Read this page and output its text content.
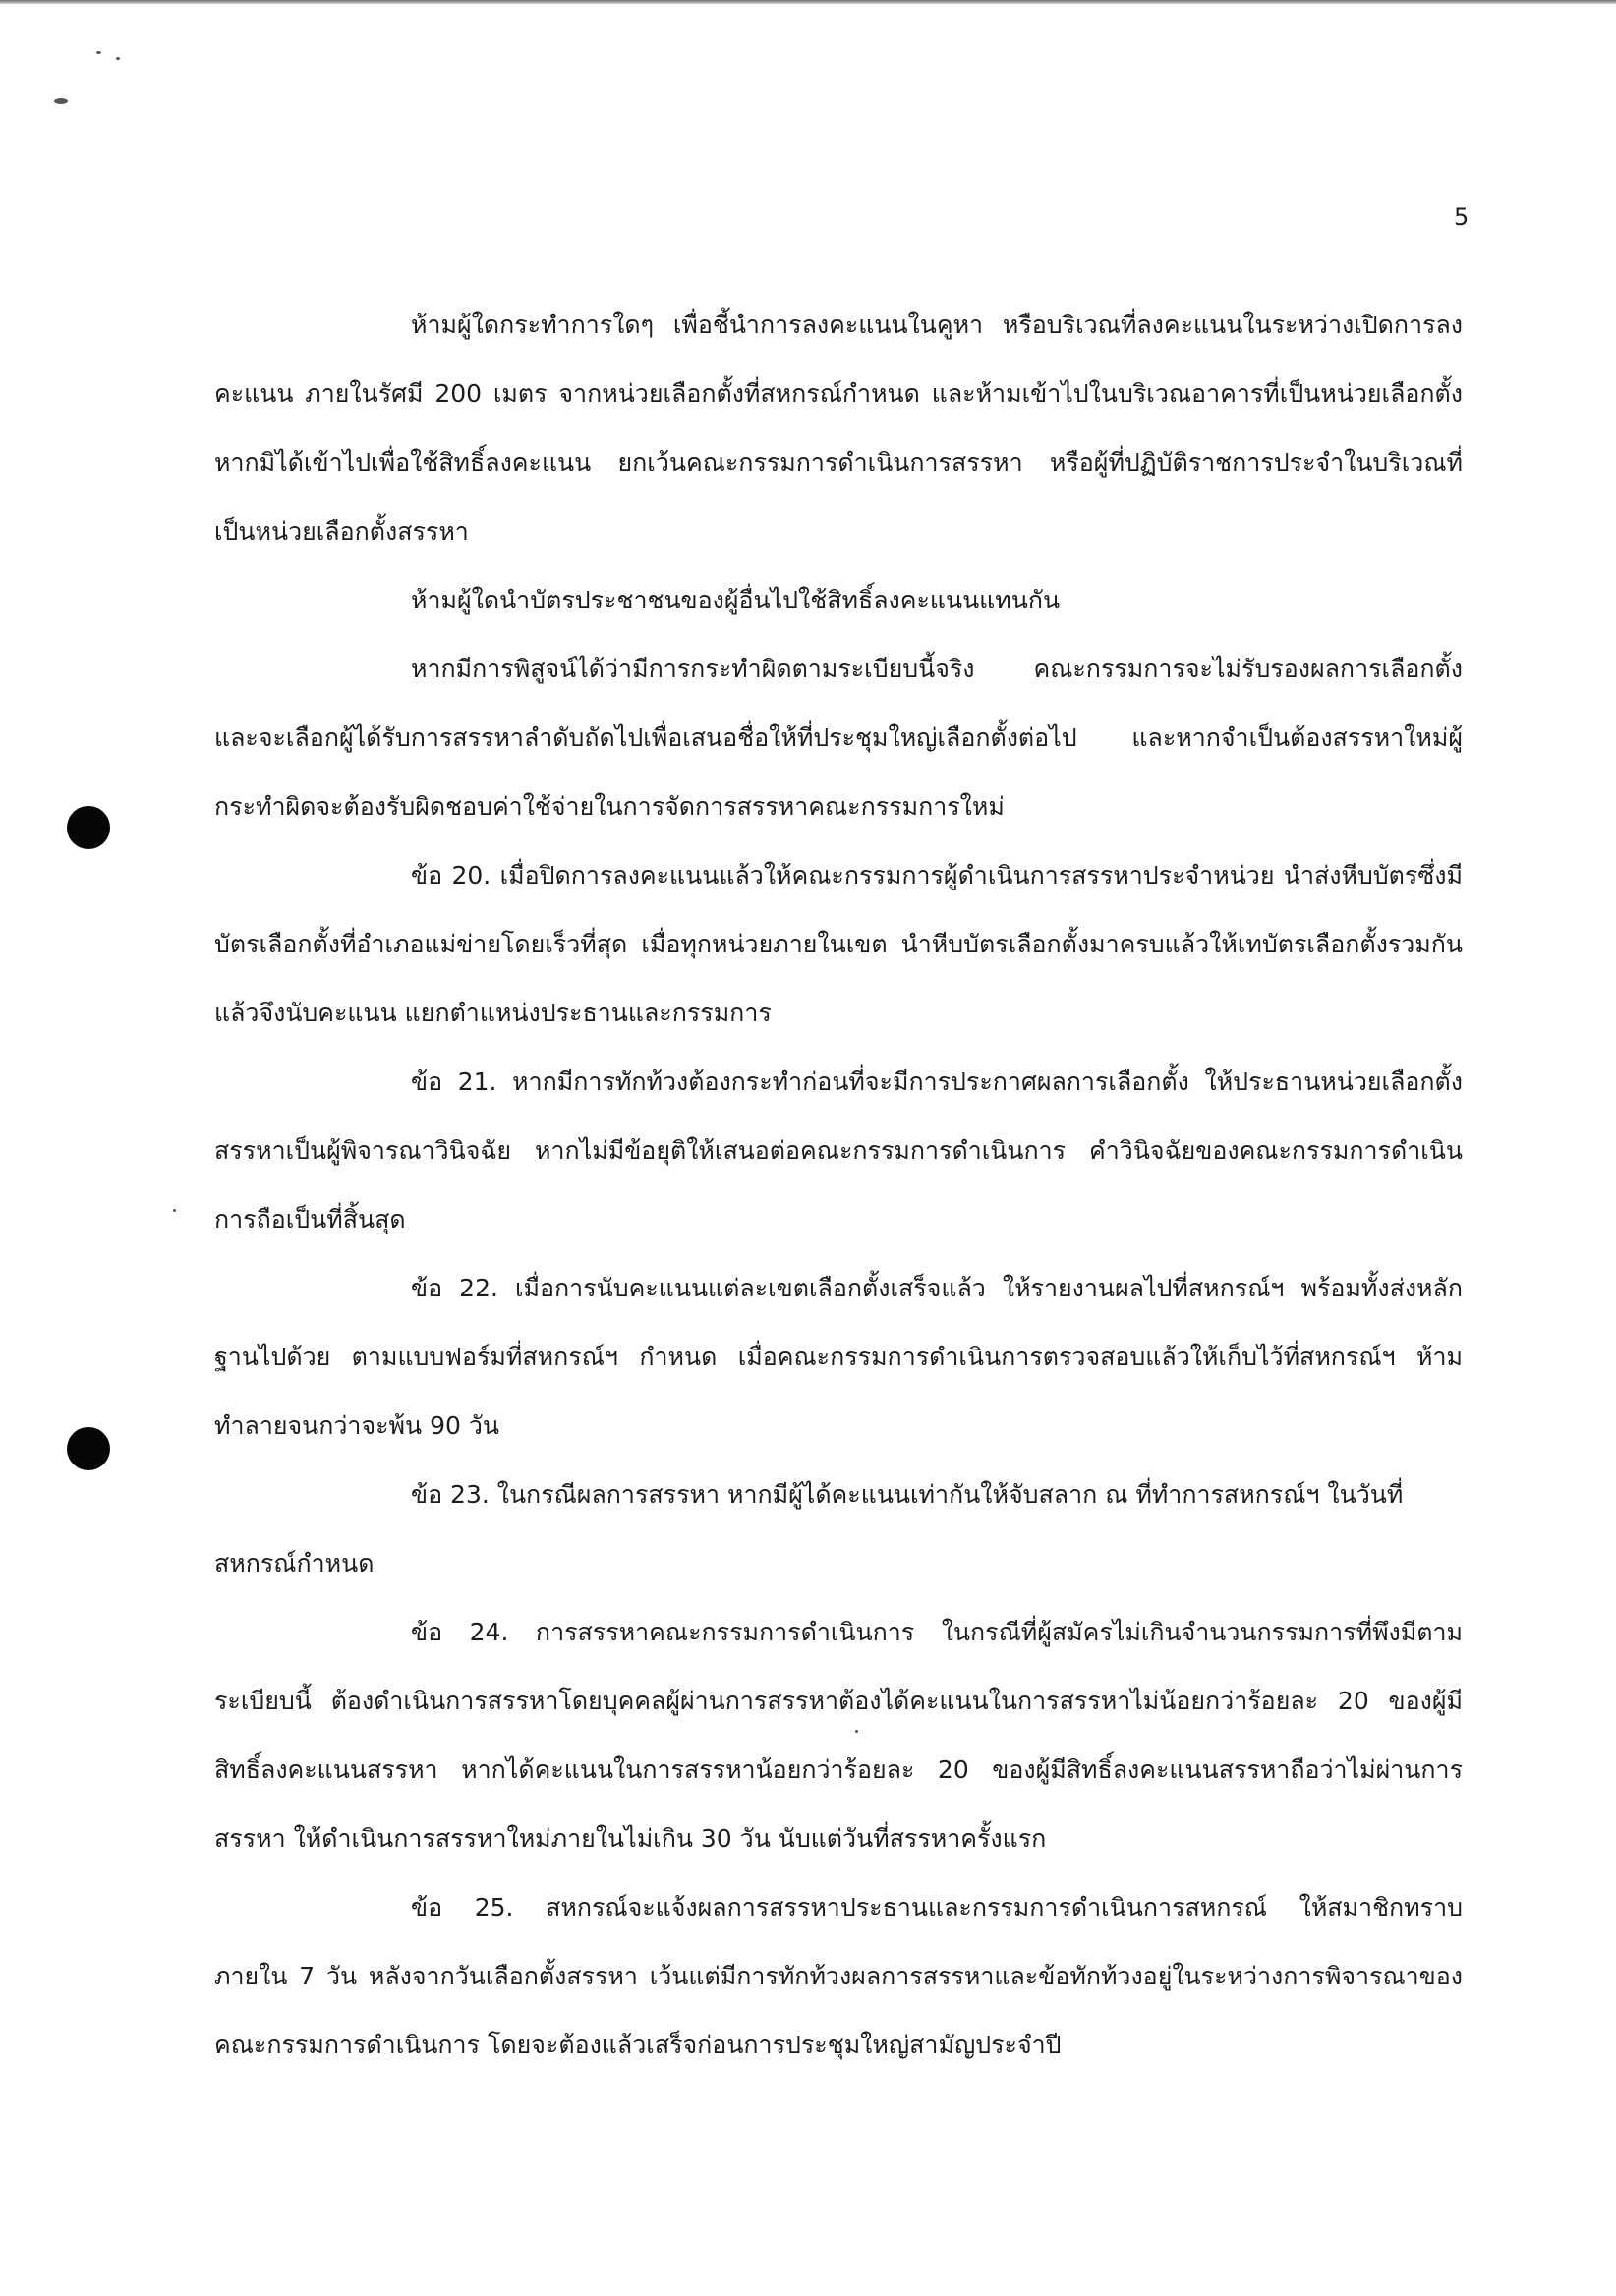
5

ห้ามผู้ใดกระทำการใดๆ เพื่อชี้นำการลงคะแนนในคูหา หรือบริเวณที่ลงคะแนนในระหว่างเปิดการลงคะแนน ภายในรัศมี 200 เมตร จากหน่วยเลือกตั้งที่สหกรณ์กำหนด และห้ามเข้าไปในบริเวณอาคารที่เป็นหน่วยเลือกตั้งหากมิได้เข้าไปเพื่อใช้สิทธิ์ลงคะแนน ยกเว้นคณะกรรมการดำเนินการสรรหา หรือผู้ที่ปฏิบัติราชการประจำในบริเวณที่เป็นหน่วยเลือกตั้งสรรหา

ห้ามผู้ใดนำบัตรประชาชนของผู้อื่นไปใช้สิทธิ์ลงคะแนนแทนกัน

หากมีการพิสูจน์ได้ว่ามีการกระทำผิดตามระเบียบนี้จริง คณะกรรมการจะไม่รับรองผลการเลือกตั้ง และจะเลือกผู้ได้รับการสรรหาลำดับถัดไปเพื่อเสนอชื่อให้ที่ประชุมใหญ่เลือกตั้งต่อไป และหากจำเป็นต้องสรรหาใหม่ผู้กระทำผิดจะต้องรับผิดชอบค่าใช้จ่ายในการจัดการสรรหาคณะกรรมการใหม่

ข้อ 20. เมื่อปิดการลงคะแนนแล้วให้คณะกรรมการผู้ดำเนินการสรรหาประจำหน่วย นำส่งหีบบัตรซึ่งมีบัตรเลือกตั้งที่อำเภอแม่ข่ายโดยเร็วที่สุด เมื่อทุกหน่วยภายในเขต นำหีบบัตรเลือกตั้งมาครบแล้วให้เทบัตรเลือกตั้งรวมกันแล้วจึงนับคะแนน แยกตำแหน่งประธานและกรรมการ

ข้อ 21. หากมีการทักท้วงต้องกระทำก่อนที่จะมีการประกาศผลการเลือกตั้ง ให้ประธานหน่วยเลือกตั้งสรรหาเป็นผู้พิจารณาวินิจฉัย หากไม่มีข้อยุติให้เสนอต่อคณะกรรมการดำเนินการ คำวินิจฉัยของคณะกรรมการดำเนินการถือเป็นที่สิ้นสุด

ข้อ 22. เมื่อการนับคะแนนแต่ละเขตเลือกตั้งเสร็จแล้ว ให้รายงานผลไปที่สหกรณ์ฯ พร้อมทั้งส่งหลักฐานไปด้วย ตามแบบฟอร์มที่สหกรณ์ฯ กำหนด เมื่อคณะกรรมการดำเนินการตรวจสอบแล้วให้เก็บไว้ที่สหกรณ์ฯ ห้ามทำลายจนกว่าจะพ้น 90 วัน

ข้อ 23. ในกรณีผลการสรรหา หากมีผู้ได้คะแนนเท่ากันให้จับสลาก ณ ที่ทำการสหกรณ์ฯ ในวันที่สหกรณ์กำหนด

ข้อ 24. การสรรหาคณะกรรมการดำเนินการ ในกรณีที่ผู้สมัครไม่เกินจำนวนกรรมการที่พึงมีตามระเบียบนี้ ต้องดำเนินการสรรหาโดยบุคคลผู้ผ่านการสรรหาต้องได้คะแนนในการสรรหาไม่น้อยกว่าร้อยละ 20 ของผู้มีสิทธิ์ลงคะแนนสรรหา หากได้คะแนนในการสรรหาน้อยกว่าร้อยละ 20 ของผู้มีสิทธิ์ลงคะแนนสรรหาถือว่าไม่ผ่านการสรรหา ให้ดำเนินการสรรหาใหม่ภายในไม่เกิน 30 วัน นับแต่วันที่สรรหาครั้งแรก

ข้อ 25. สหกรณ์จะแจ้งผลการสรรหาประธานและกรรมการดำเนินการสหกรณ์ ให้สมาชิกทราบภายใน 7 วัน หลังจากวันเลือกตั้งสรรหา เว้นแต่มีการทักท้วงผลการสรรหาและข้อทักท้วงอยู่ในระหว่างการพิจารณาของคณะกรรมการดำเนินการ โดยจะต้องแล้วเสร็จก่อนการประชุมใหญ่สามัญประจำปี
